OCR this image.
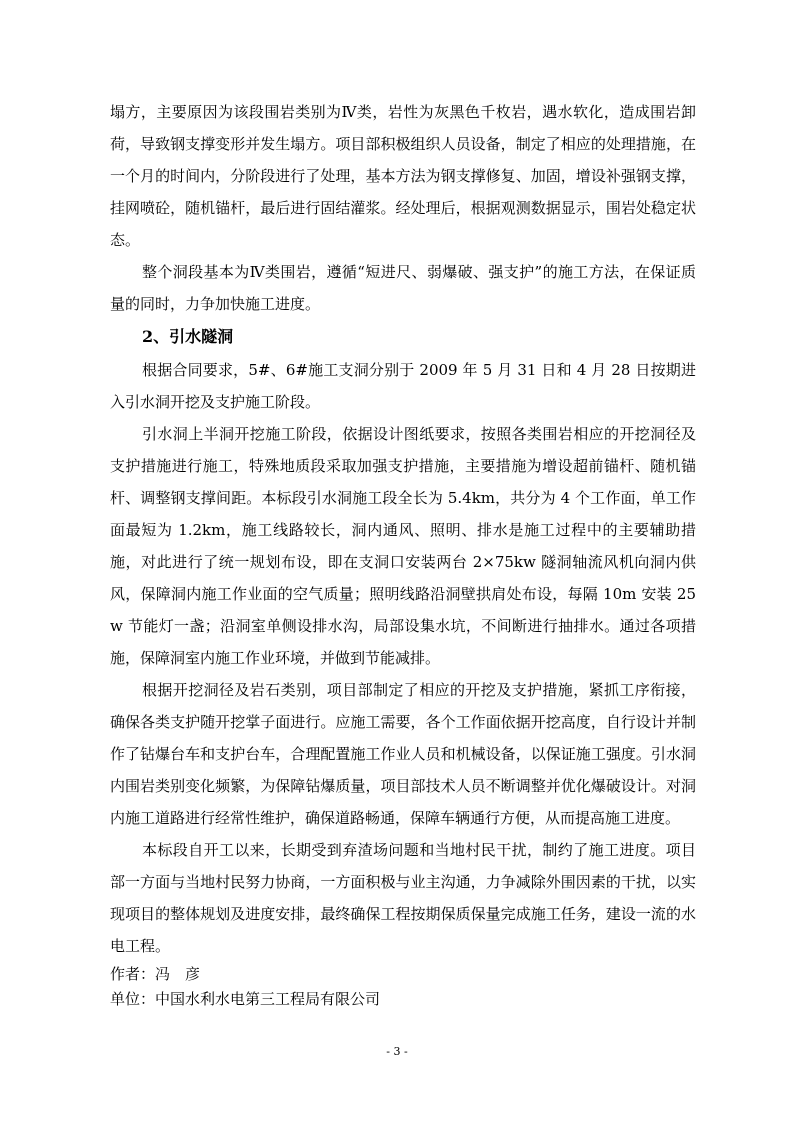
塌方，主要原因为该段围岩类别为Ⅳ类，岩性为灰黑色千枚岩，遇水软化，造成围岩卸荷，导致钢支撑变形并发生塌方。项目部积极组织人员设备，制定了相应的处理措施，在一个月的时间内，分阶段进行了处理，基本方法为钢支撑修复、加固，增设补强钢支撑，挂网喷砼，随机锚杆，最后进行固结灌浆。经处理后，根据观测数据显示，围岩处稳定状态。

整个洞段基本为Ⅳ类围岩，遵循“短进尺、弱爆破、强支护”的施工方法，在保证质量的同时，力争加快施工进度。

2、引水隧洞

根据合同要求，5#、6#施工支洞分别于 2009 年 5 月 31 日和 4 月 28 日按期进入引水洞开挖及支护施工阶段。

引水洞上半洞开挖施工阶段，依据设计图纸要求，按照各类围岩相应的开挖洞径及支护措施进行施工，特殊地质段采取加强支护措施，主要措施为增设超前锚杆、随机锚杆、调整钢支撑间距。本标段引水洞施工段全长为 5.4km，共分为 4 个工作面，单工作面最短为 1.2km，施工线路较长，洞内通风、照明、排水是施工过程中的主要辅助措施，对此进行了统一规划布设，即在支洞口安装两台 2×75kw 隧洞轴流风机向洞内供风，保障洞内施工作业面的空气质量；照明线路沿洞壁拱肩处布设，每隔 10m 安装 25w 节能灯一盏；沿洞室单侧设排水沟，局部设集水坑，不间断进行抽排水。通过各项措施，保障洞室内施工作业环境，并做到节能减排。

根据开挖洞径及岩石类别，项目部制定了相应的开挖及支护措施，紧抓工序衔接，确保各类支护随开挖掌子面进行。应施工需要，各个工作面依据开挖高度，自行设计并制作了钻爆台车和支护台车，合理配置施工作业人员和机械设备，以保证施工强度。引水洞内围岩类别变化频繁，为保障钻爆质量，项目部技术人员不断调整并优化爆破设计。对洞内施工道路进行经常性维护，确保道路畅通，保障车辆通行方便，从而提高施工进度。

本标段自开工以来，长期受到弃渣场问题和当地村民干扰，制约了施工进度。项目部一方面与当地村民努力协商，一方面积极与业主沟通，力争减除外围因素的干扰，以实现项目的整体规划及进度安排，最终确保工程按期保质保量完成施工任务，建设一流的水电工程。

作者：冯　彦

单位：中国水利水电第三工程局有限公司

- 3 -
